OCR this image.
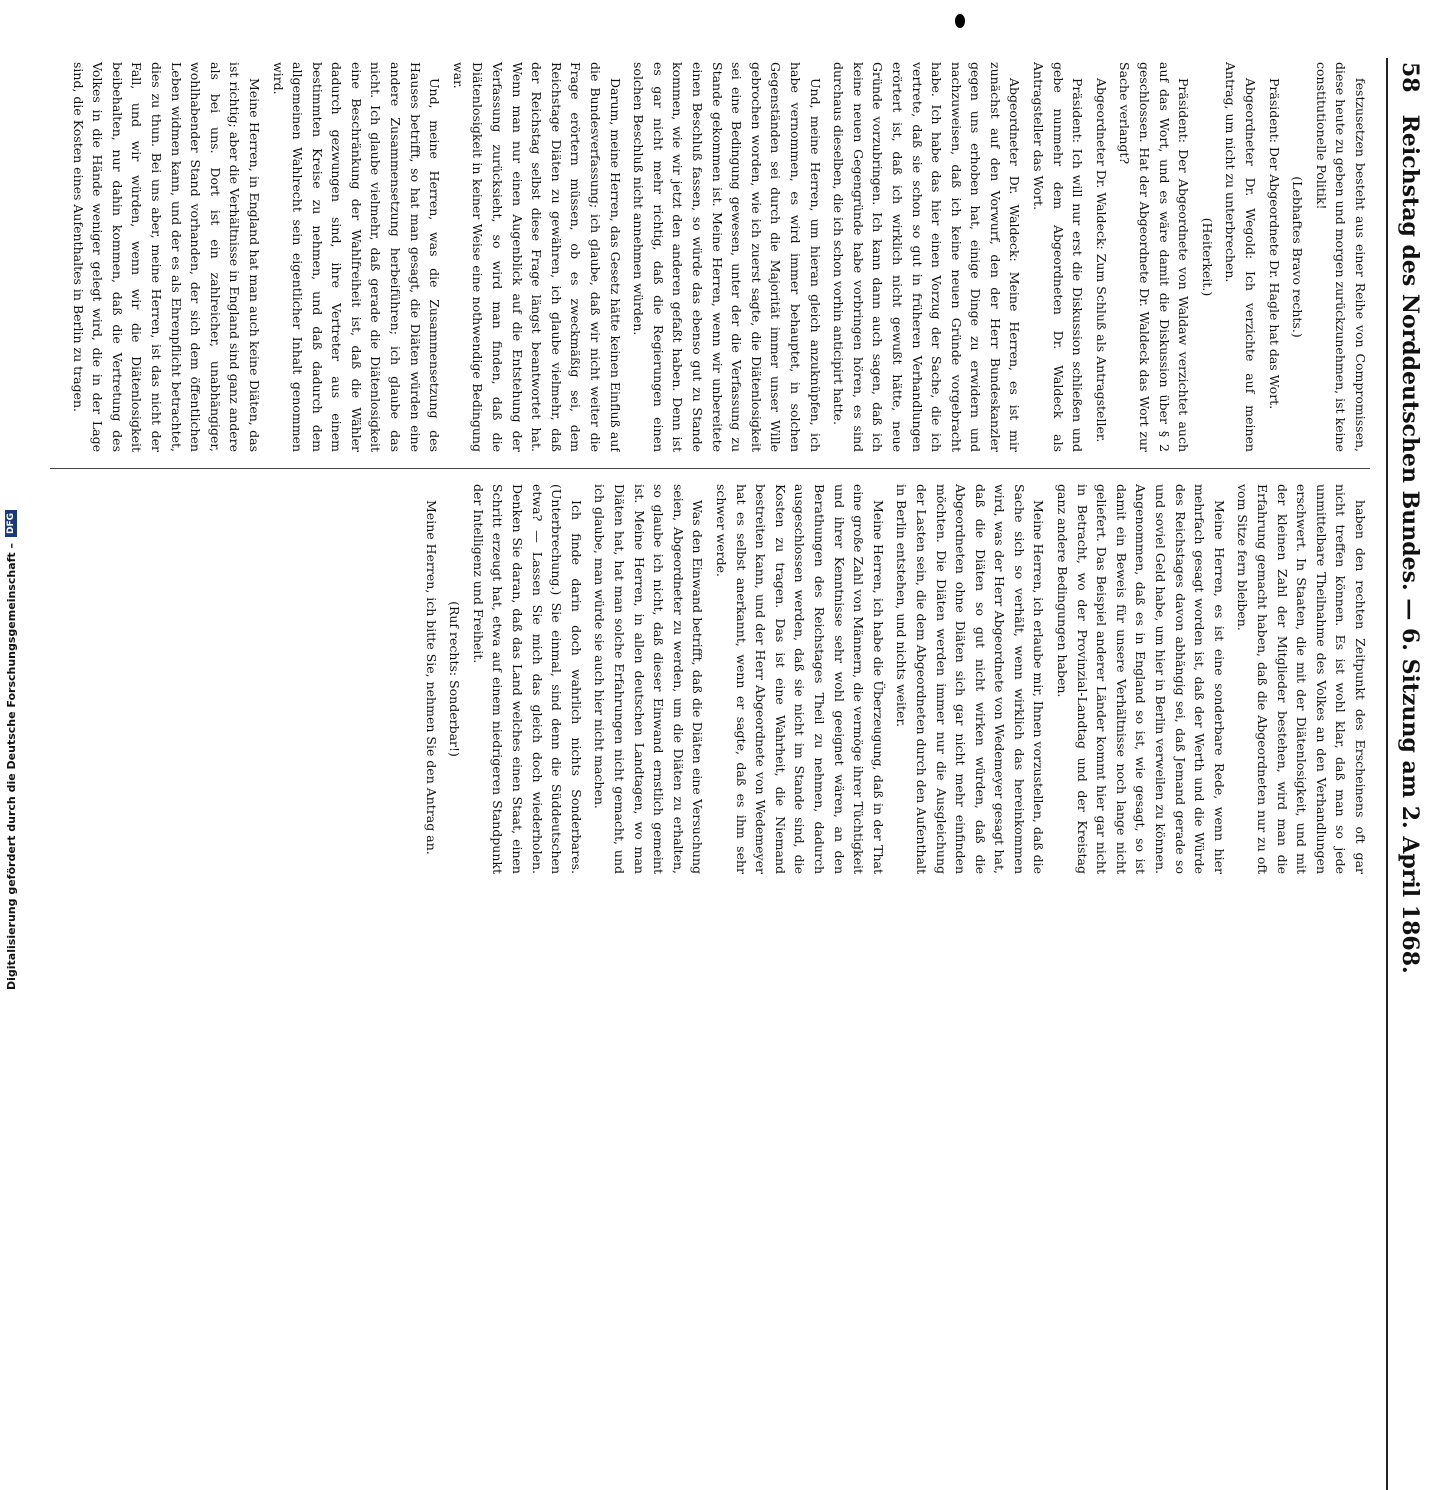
58
Reichstag des Norddeutschen Bundes. — 6. Sitzung am 2. April 1868.

festzusetzen besteht aus einer Reihe von Compromissen, diese heute zu geben und morgen zurückzunehmen, ist keine constitutionelle Politik!

(Lebhaftes Bravo rechts.)

Präsident: Der Abgeordnete Dr. Hagle hat das Wort.

Abgeordneter Dr. Wegold: Ich verzichte auf meinen Antrag, um nicht zu unterbrechen.

(Heiterkeit.)

Präsident: Der Abgeordnete von Waldaw verzichtet auch auf das Wort, und es wäre damit die Diskussion über § 2 geschlossen. Hat der Abgeordnete Dr. Waldeck das Wort zur Sache verlangt?

Abgeordneter Dr. Waldeck: Zum Schluß als Antragsteller.

Präsident: Ich will nur erst die Diskussion schließen und gebe nunmehr dem Abgeordneten Dr. Waldeck als Antragsteller das Wort.

Abgeordneter Dr. Waldeck: Meine Herren, es ist mir zunächst auf den Vorwurf, den der Herr Bundeskanzler gegen uns erhoben hat, einige Dinge zu erwidern und nachzuweisen, daß ich keine neuen Gründe vorgebracht habe. Ich habe das hier einen Vorzug der Sache, die ich vertrete, daß sie schon so gut in früheren Verhandlungen erörtert ist, daß ich wirklich nicht gewußt hätte, neue Gründe vorzubringen. Ich kann dann auch sagen, daß ich keine neuen Gegengründe habe vorbringen hören, es sind durchaus dieselben, die ich schon vorhin anticipirt hatte.

Und, meine Herren, um hieran gleich anzuknüpfen, ich habe vernommen, es wird immer behauptet, in solchen Gegenständen sei durch die Majorität immer unser Wille gebrochen worden, wie ich zuerst sagte, die Diätenlosigkeit sei eine Bedingung gewesen, unter der die Verfassung zu Stande gekommen ist. Meine Herren, wenn wir unbereitete einen Beschluß fassen, so würde das ebenso gut zu Stande kommen, wie wir jetzt den anderen gefaßt haben. Denn ist es gar nicht mehr richtig, daß die Regierungen einen solchen Beschluß nicht annehmen würden.

Darum, meine Herren, das Gesetz hätte keinen Einfluß auf die Bundesverfassung; ich glaube, daß wir nicht weiter die Frage erörtern müssen, ob es zweckmäßig sei, dem Reichstage Diäten zu gewähren, ich glaube vielmehr, daß der Reichstag selbst diese Frage längst beantwortet hat. Wenn man nur einen Augenblick auf die Entstehung der Verfassung zurücksieht, so wird man finden, daß die Diätenlosigkeit in keiner Weise eine nothwendige Bedingung war.

Und, meine Herren, was die Zusammensetzung des Hauses betrifft, so hat man gesagt, die Diäten würden eine andere Zusammensetzung herbeiführen; ich glaube das nicht. Ich glaube vielmehr, daß gerade die Diätenlosigkeit eine Beschränkung der Wahlfreiheit ist, daß die Wähler dadurch gezwungen sind, ihre Vertreter aus einem bestimmten Kreise zu nehmen, und daß dadurch dem allgemeinen Wahlrecht sein eigentlicher Inhalt genommen wird.

Meine Herren, in England hat man auch keine Diäten, das ist richtig; aber die Verhältnisse in England sind ganz andere als bei uns. Dort ist ein zahlreicher, unabhängiger, wohlhabender Stand vorhanden, der sich dem öffentlichen Leben widmen kann, und der es als Ehrenpflicht betrachtet, dies zu thun. Bei uns aber, meine Herren, ist das nicht der Fall, und wir würden, wenn wir die Diätenlosigkeit beibehalten, nur dahin kommen, daß die Vertretung des Volkes in die Hände weniger gelegt wird, die in der Lage sind, die Kosten eines Aufenthaltes in Berlin zu tragen.

haben den rechten Zeitpunkt des Erscheinens oft gar nicht treffen können. Es ist wohl klar, daß man so jede unmittelbare Theilnahme des Volkes an den Verhandlungen erschwert. In Staaten, die mit der Diätenlosigkeit, und mit der kleinen Zahl der Mitglieder bestehen, wird man die Erfahrung gemacht haben, daß die Abgeordneten nur zu oft vom Sitze fern bleiben.

Meine Herren, es ist eine sonderbare Rede, wenn hier mehrfach gesagt worden ist, daß der Werth und die Würde des Reichstages davon abhängig sei, daß Jemand gerade so und soviel Geld habe, um hier in Berlin verweilen zu können. Angenommen, daß es in England so ist, wie gesagt, so ist damit ein Beweis für unsere Verhältnisse noch lange nicht geliefert. Das Beispiel anderer Länder kommt hier gar nicht in Betracht, wo der Provinzial-Landtag und der Kreistag ganz andere Bedingungen haben.

Meine Herren, ich erlaube mir, Ihnen vorzustellen, daß die Sache sich so verhält, wenn wirklich das hereinkommen wird, was der Herr Abgeordnete von Wedemeyer gesagt hat, daß die Diäten so gut nicht wirken würden, daß die Abgeordneten ohne Diäten sich gar nicht mehr einfinden möchten. Die Diäten werden immer nur die Ausgleichung der Lasten sein, die dem Abgeordneten durch den Aufenthalt in Berlin entstehen, und nichts weiter.

Meine Herren, ich habe die Überzeugung, daß in der That eine große Zahl von Männern, die vermöge ihrer Tüchtigkeit und ihrer Kenntnisse sehr wohl geeignet wären, an den Berathungen des Reichstages Theil zu nehmen, dadurch ausgeschlossen werden, daß sie nicht im Stande sind, die Kosten zu tragen. Das ist eine Wahrheit, die Niemand bestreiten kann, und der Herr Abgeordnete von Wedemeyer hat es selbst anerkannt, wenn er sagte, daß es ihm sehr schwer werde.

Was den Einwand betrifft, daß die Diäten eine Versuchung seien, Abgeordneter zu werden, um die Diäten zu erhalten, so glaube ich nicht, daß dieser Einwand ernstlich gemeint ist. Meine Herren, in allen deutschen Landtagen, wo man Diäten hat, hat man solche Erfahrungen nicht gemacht, und ich glaube, man würde sie auch hier nicht machen.

Ich finde darin doch wahrlich nichts Sonderbares. (Unterbrechung.) Sie einmal, sind denn die Süddeutschen etwa? — Lassen Sie mich das gleich doch wiederholen. Denken Sie daran, daß das Land welches einen Staat, einen Schritt erzeugt hat, etwa auf einem niedrigeren Standpunkt der Intelligenz und Freiheit.

(Ruf rechts: Sonderbar!)

Meine Herren, ich bitte Sie, nehmen Sie den Antrag an.

Digitalisierung gefördert durch die Deutsche Forschungsgemeinschaft –
DFG
